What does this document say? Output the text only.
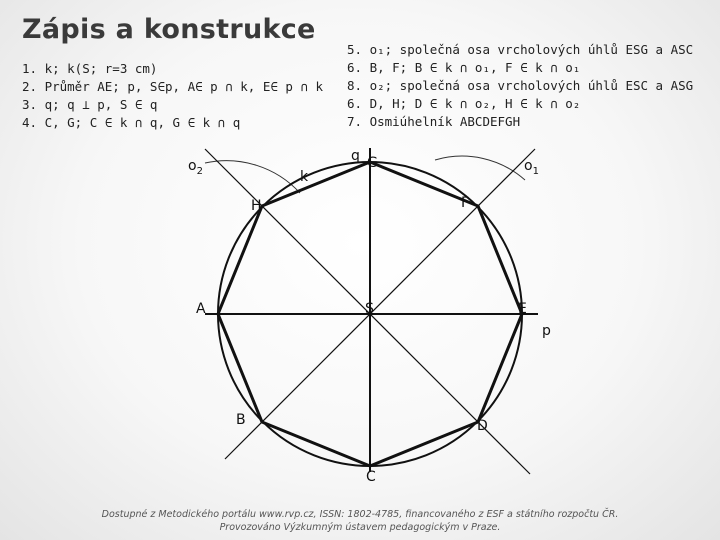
Zápis a konstrukce
1. k; k(S; r=3 cm)
2. Průměr AE; p, S∈p, A∈ p ∩ k, E∈ p ∩ k
3. q; q ⊥ p, S ∈ q
4. C, G; C ∈ k ∩ q, G ∈ k ∩ q
5. o₁; společná osa vrcholových úhlů ESG a ASC
6. B, F; B ∈ k ∩ o₁, F ∈ k ∩ o₁
8. o₂; společná osa vrcholových úhlů ESC a ASG
6. D, H; D ∈ k ∩ o₂, H ∈ k ∩ o₂
7. Osmiúhelník ABCDEFGH
q
$o_1$
$o_2$	k
p
S
A
B
C
D
E
F
G
H
Dostupné z Metodického portálu www.rvp.cz, ISSN: 1802-4785, financovaného z ESF a státního rozpočtu ČR.
Provozováno Výzkumným ústavem pedagogickým v Praze.
